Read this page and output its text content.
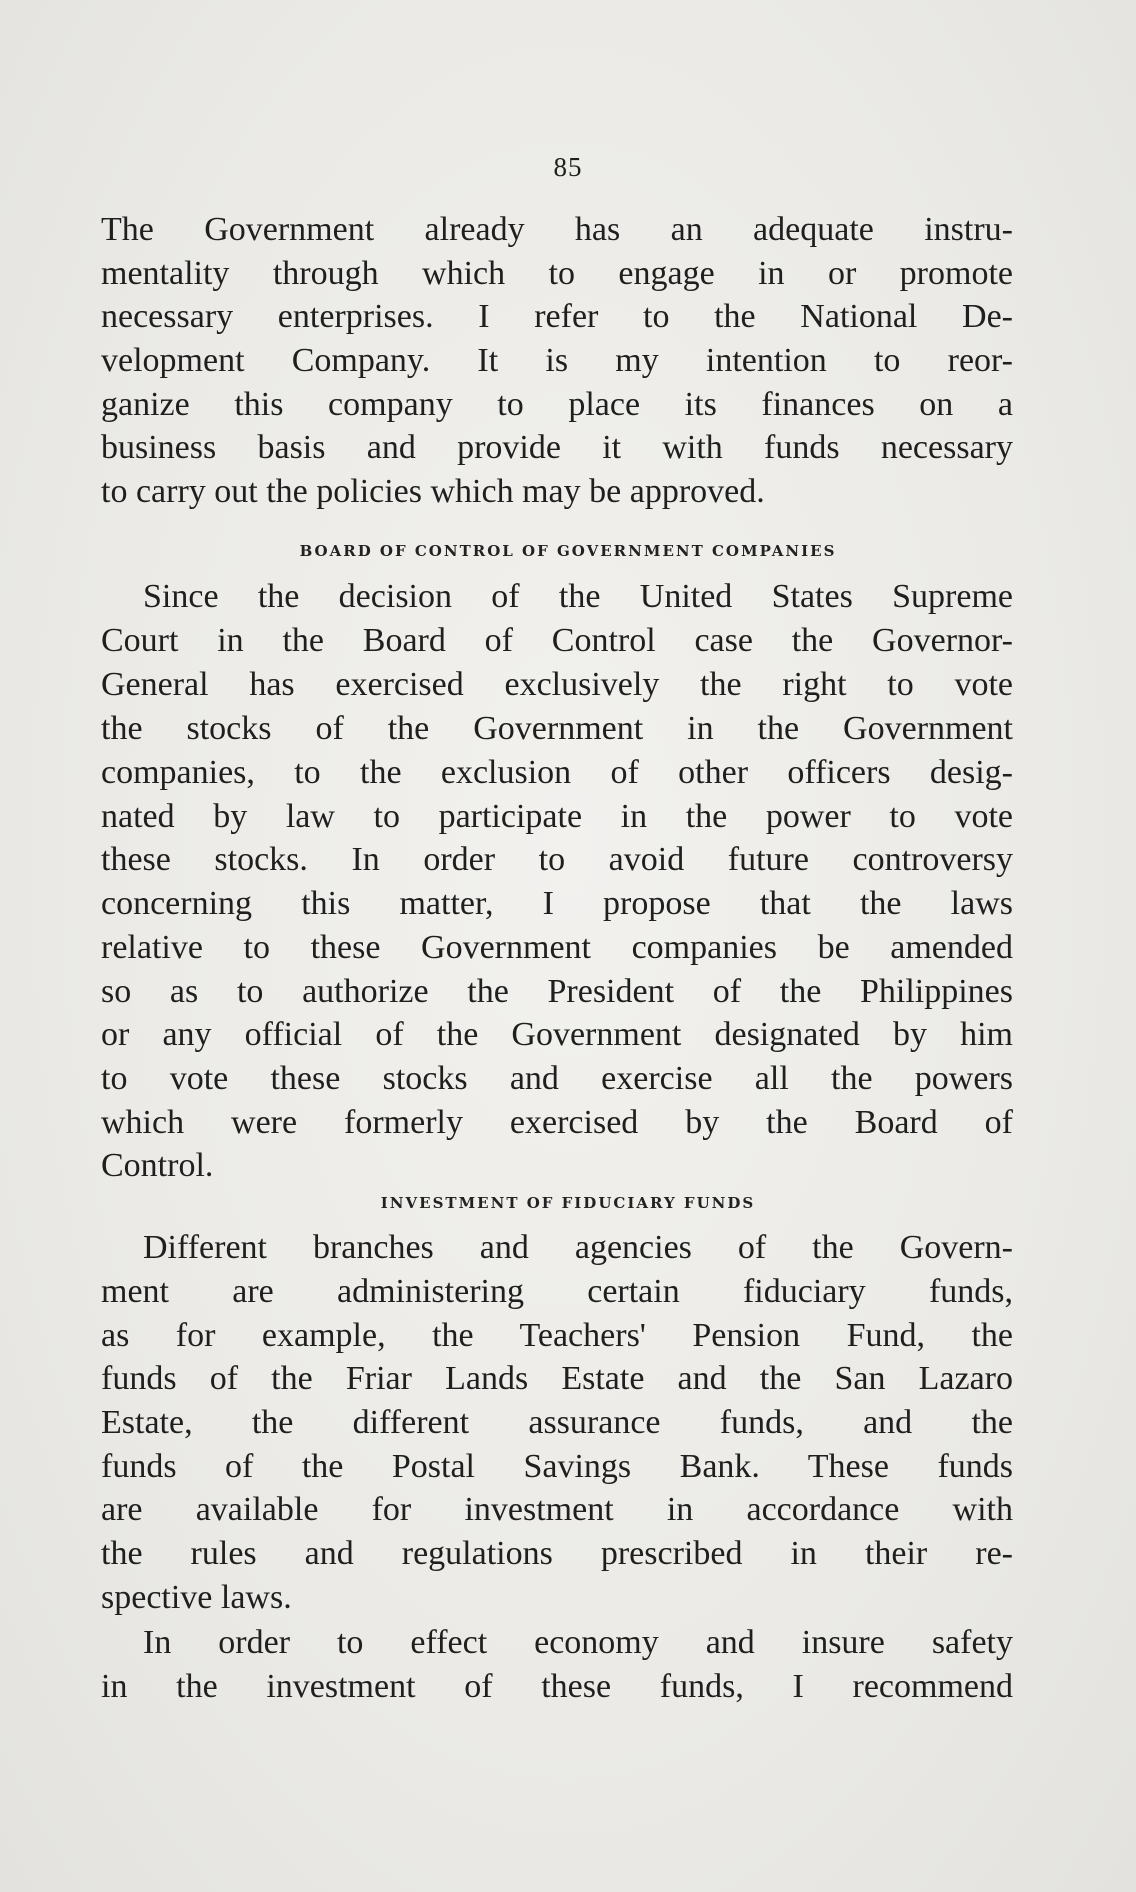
85
The Government already has an adequate instru-
mentality through which to engage in or promote
necessary enterprises. I refer to the National De-
velopment Company. It is my intention to reor-
ganize this company to place its finances on a
business basis and provide it with funds necessary
to carry out the policies which may be approved.
BOARD OF CONTROL OF GOVERNMENT COMPANIES
Since the decision of the United States Supreme
Court in the Board of Control case the Governor-
General has exercised exclusively the right to vote
the stocks of the Government in the Government
companies, to the exclusion of other officers desig-
nated by law to participate in the power to vote
these stocks. In order to avoid future controversy
concerning this matter, I propose that the laws
relative to these Government companies be amended
so as to authorize the President of the Philippines
or any official of the Government designated by him
to vote these stocks and exercise all the powers
which were formerly exercised by the Board of
Control.
INVESTMENT OF FIDUCIARY FUNDS
Different branches and agencies of the Govern-
ment are administering certain fiduciary funds,
as for example, the Teachers' Pension Fund, the
funds of the Friar Lands Estate and the San Lazaro
Estate, the different assurance funds, and the
funds of the Postal Savings Bank. These funds
are available for investment in accordance with
the rules and regulations prescribed in their re-
spective laws.
In order to effect economy and insure safety
in the investment of these funds, I recommend
